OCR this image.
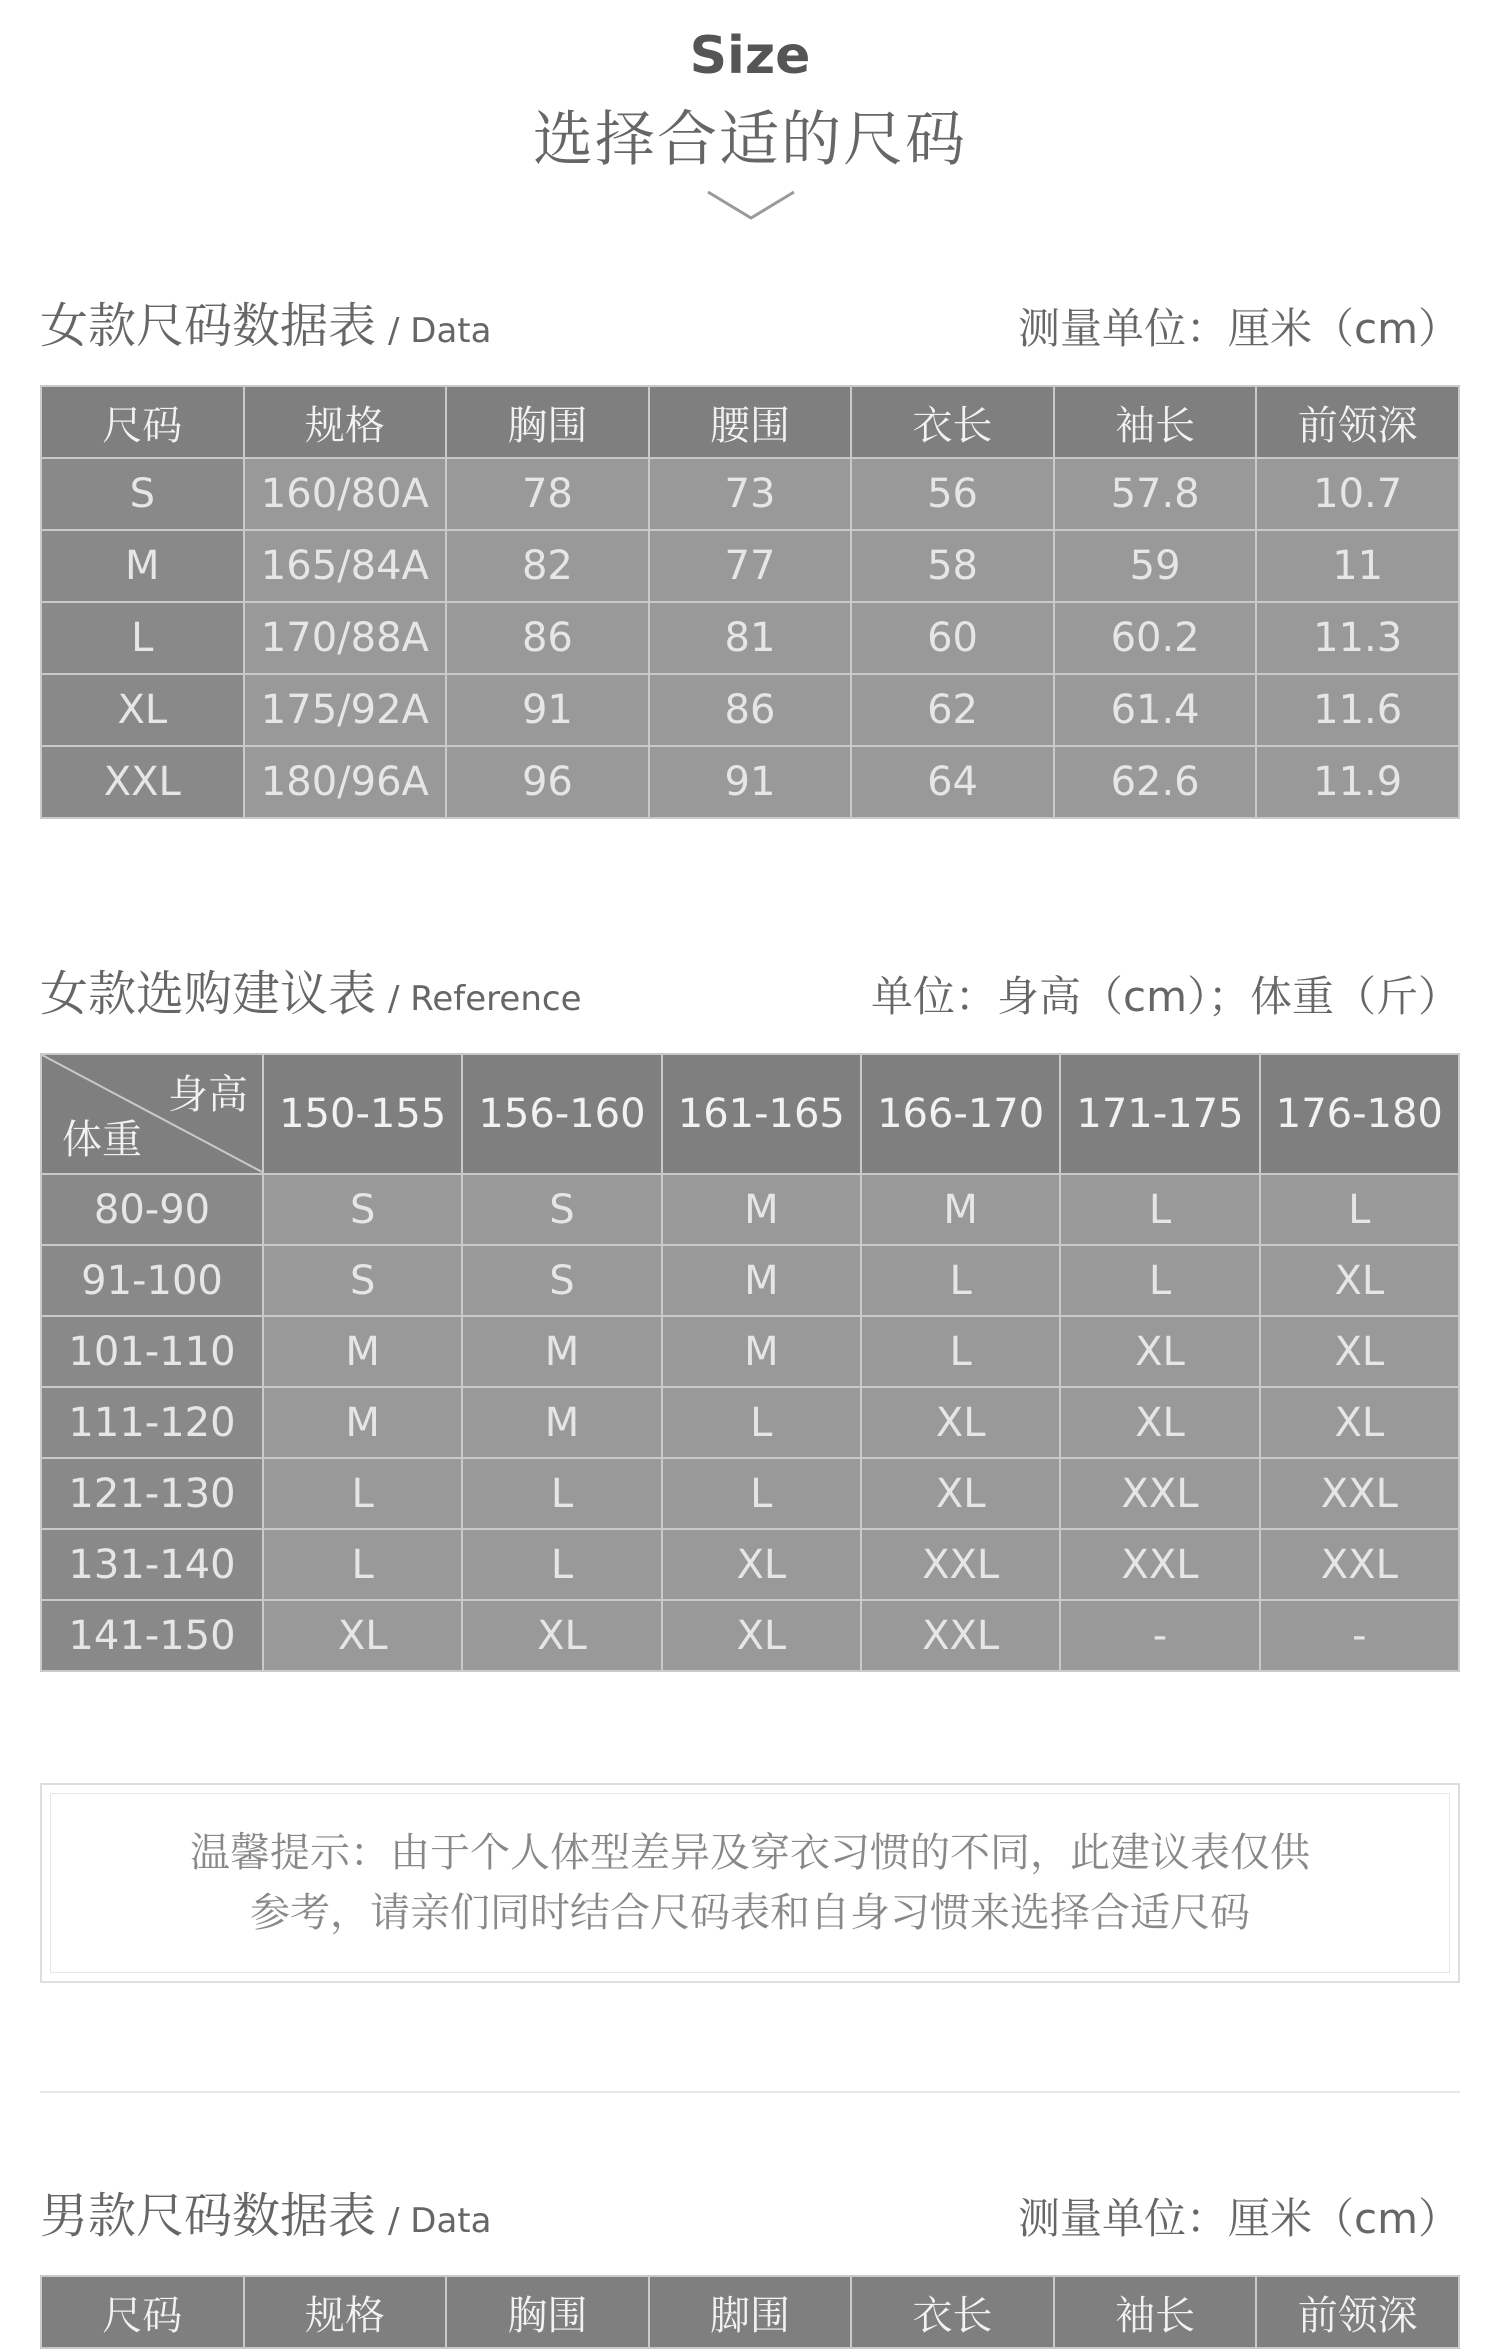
Size
选择合适的尺码
女款尺码数据表 / Data	测量单位：厘米（cm）
尺码	规格	胸围	腰围	衣长	袖长	前领深
S	160/80A	78	73	56	57.8	10.7
M	165/84A	82	77	58	59	11
L	170/88A	86	81	60	60.2	11.3
XL	175/92A	91	86	62	61.4	11.6
XXL	180/96A	96	91	64	62.6	11.9
女款选购建议表 / Reference	单位：身高（cm）；体重（斤）
身高
体重	150-155	156-160	161-165	166-170	171-175	176-180
80-90	S	S	M	M	L	L
91-100	S	S	M	L	L	XL
101-110	M	M	M	L	XL	XL
111-120	M	M	L	XL	XL	XL
121-130	L	L	L	XL	XXL	XXL
131-140	L	L	XL	XXL	XXL	XXL
141-150	XL	XL	XL	XXL	-	-
温馨提示：由于个人体型差异及穿衣习惯的不同，此建议表仅供
参考，请亲们同时结合尺码表和自身习惯来选择合适尺码
男款尺码数据表 / Data	测量单位：厘米（cm）
尺码	规格	胸围	脚围	衣长	袖长	前领深
